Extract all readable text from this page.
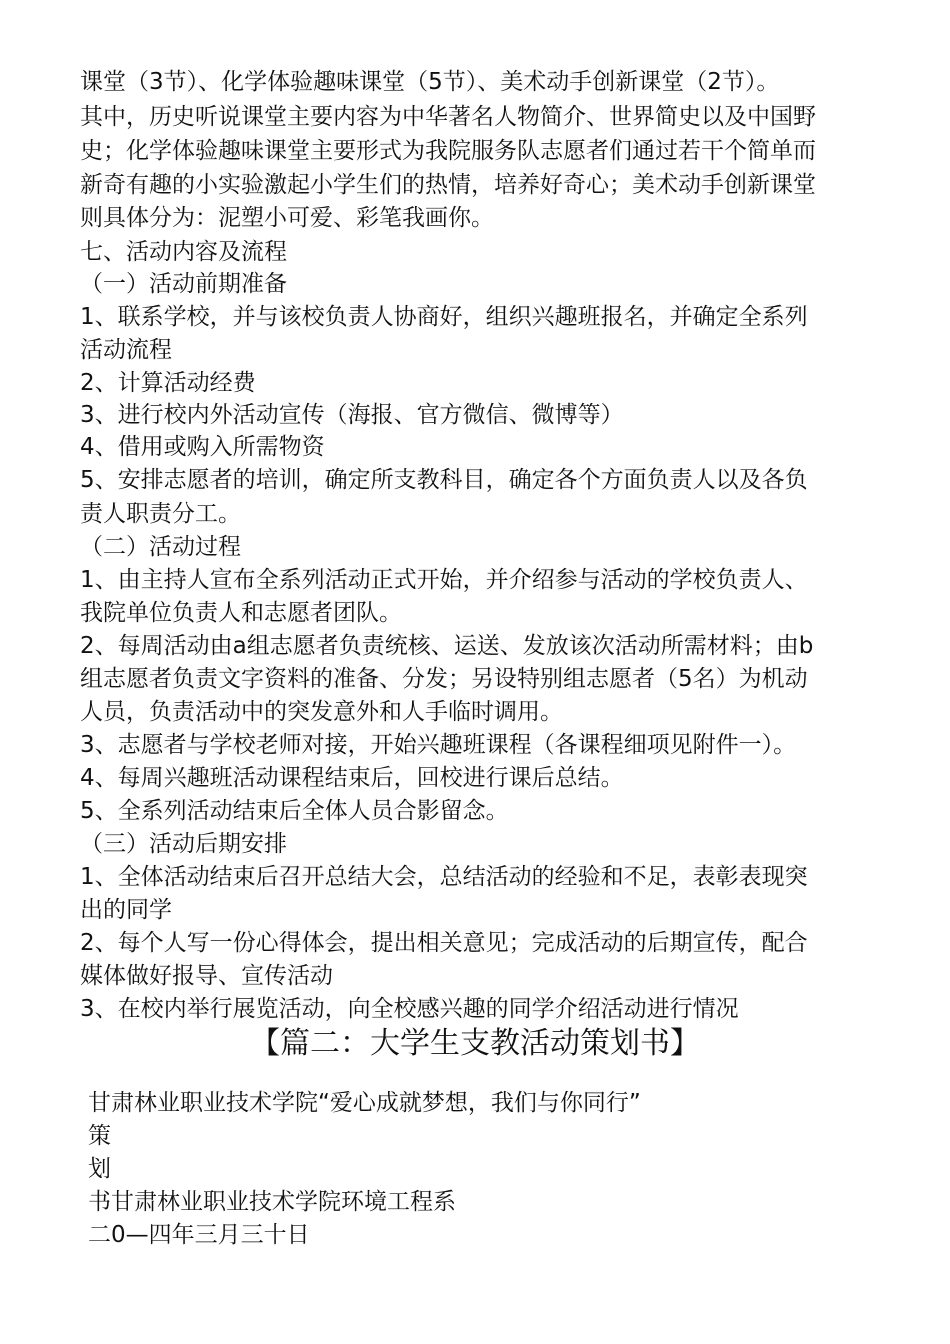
课堂（3节）、化学体验趣味课堂（5节）、美术动手创新课堂（2节）。
其中，历史听说课堂主要内容为中华著名人物简介、世界简史以及中国野
史；化学体验趣味课堂主要形式为我院服务队志愿者们通过若干个简单而
新奇有趣的小实验激起小学生们的热情，培养好奇心；美术动手创新课堂
则具体分为：泥塑小可爱、彩笔我画你。
七、活动内容及流程
（一）活动前期准备
1、联系学校，并与该校负责人协商好，组织兴趣班报名，并确定全系列
活动流程
2、计算活动经费
3、进行校内外活动宣传（海报、官方微信、微博等）
4、借用或购入所需物资
5、安排志愿者的培训，确定所支教科目，确定各个方面负责人以及各负
责人职责分工。
（二）活动过程
1、由主持人宣布全系列活动正式开始，并介绍参与活动的学校负责人、
我院单位负责人和志愿者团队。
2、每周活动由a组志愿者负责统核、运送、发放该次活动所需材料；由b
组志愿者负责文字资料的准备、分发；另设特别组志愿者（5名）为机动
人员，负责活动中的突发意外和人手临时调用。
3、志愿者与学校老师对接，开始兴趣班课程（各课程细项见附件一）。
4、每周兴趣班活动课程结束后，回校进行课后总结。
5、全系列活动结束后全体人员合影留念。
（三）活动后期安排
1、全体活动结束后召开总结大会，总结活动的经验和不足，表彰表现突
出的同学
2、每个人写一份心得体会，提出相关意见；完成活动的后期宣传，配合
媒体做好报导、宣传活动
3、在校内举行展览活动，向全校感兴趣的同学介绍活动进行情况
【篇二：大学生支教活动策划书】
甘肃林业职业技术学院“爱心成就梦想，我们与你同行”
策
划
书甘肃林业职业技术学院环境工程系
二0—四年三月三十日
